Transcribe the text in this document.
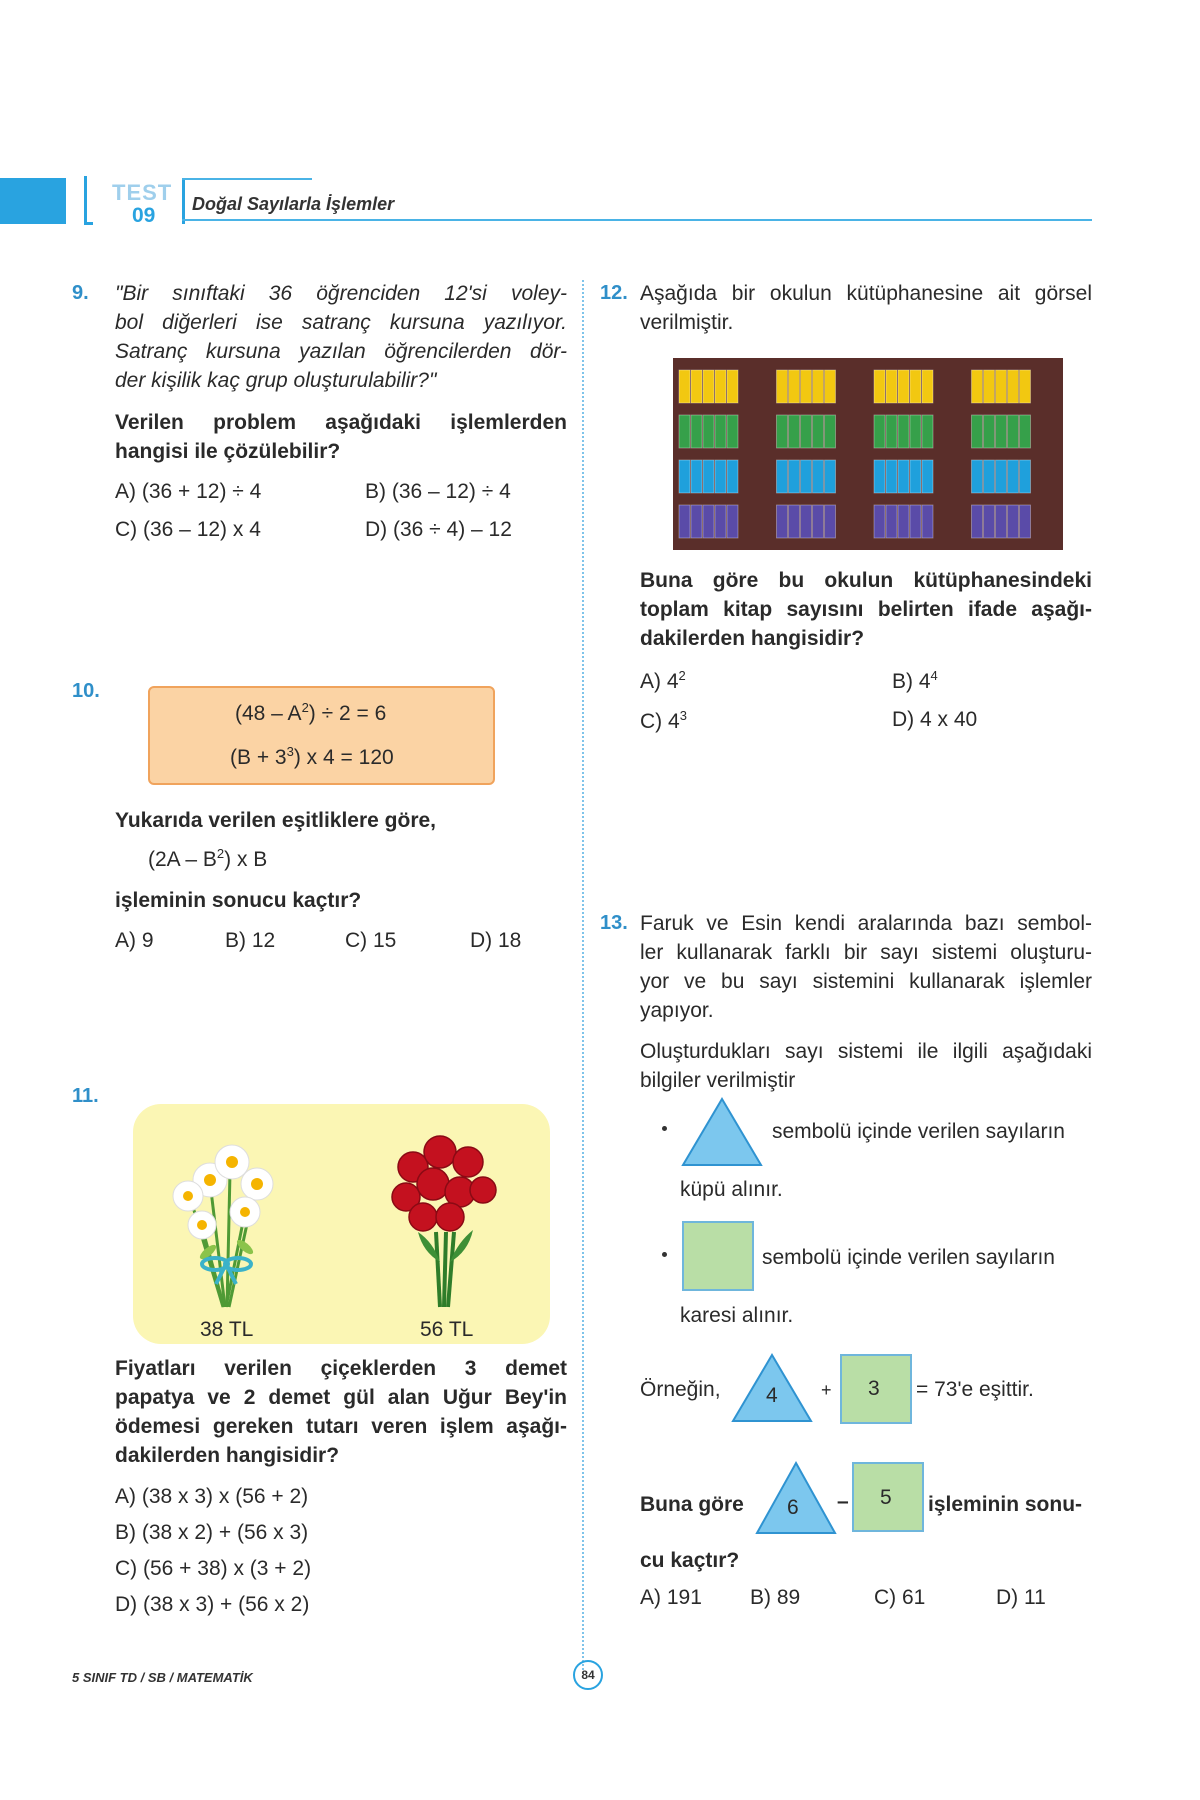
TEST
09 Doğal Sayılarla İşlemler
9. "Bir sınıftaki 36 öğrenciden 12'si voley-
bol diğerleri ise satranç kursuna yazılıyor.
Satranç kursuna yazılan öğrencilerden dör-
der kişilik kaç grup oluşturulabilir?"
Verilen problem aşağıdaki işlemlerden
hangisi ile çözülebilir?
A) (36 + 12) ÷ 4	B) (36 – 12) ÷ 4
C) (36 – 12) x 4	D) (36 ÷ 4) – 12
10.
$(48 - A^2) \div 2 = 6$
$(B + 3^3)$ x 4 = 120
Yukarıda verilen eşitliklere göre,
$(2A - B^2)$ x B
işleminin sonucu kaçtır?
A) 9	B) 12	C) 15	D) 18
11.
38 TL	56 TL
Fiyatları verilen çiçeklerden 3 demet
papatya ve 2 demet gül alan Uğur Bey'in
ödemesi gereken tutarı veren işlem aşağı-
dakilerden hangisidir?
A) (38 x 3) x (56 + 2)
B) (38 x 2) + (56 x 3)
C) (56 + 38) x (3 + 2)
D) (38 x 3) + (56 x 2)
12. Aşağıda bir okulun kütüphanesine ait görsel
verilmiştir.
Buna göre bu okulun kütüphanesindeki
toplam kitap sayısını belirten ifade aşağı-
dakilerden hangisidir?
A) $4^2$	B) $4^4$
C) $4^3$	D) 4 x 40
13. Faruk ve Esin kendi aralarında bazı sembol-
ler kullanarak farklı bir sayı sistemi oluşturu-
yor ve bu sayı sistemini kullanarak işlemler
yapıyor.
Oluşturdukları sayı sistemi ile ilgili aşağıdaki
bilgiler verilmiştir
sembolü içinde verilen sayıların
küpü alınır.
sembolü içinde verilen sayıların
karesi alınır.
Örneğin, 4 + 3 = 73'e eşittir.
Buna göre 6 – 5 işleminin sonu-
cu kaçtır?
A) 191 B) 89	C) 61	D) 11
5 SINIF TD / SB / MATEMATİK	84
